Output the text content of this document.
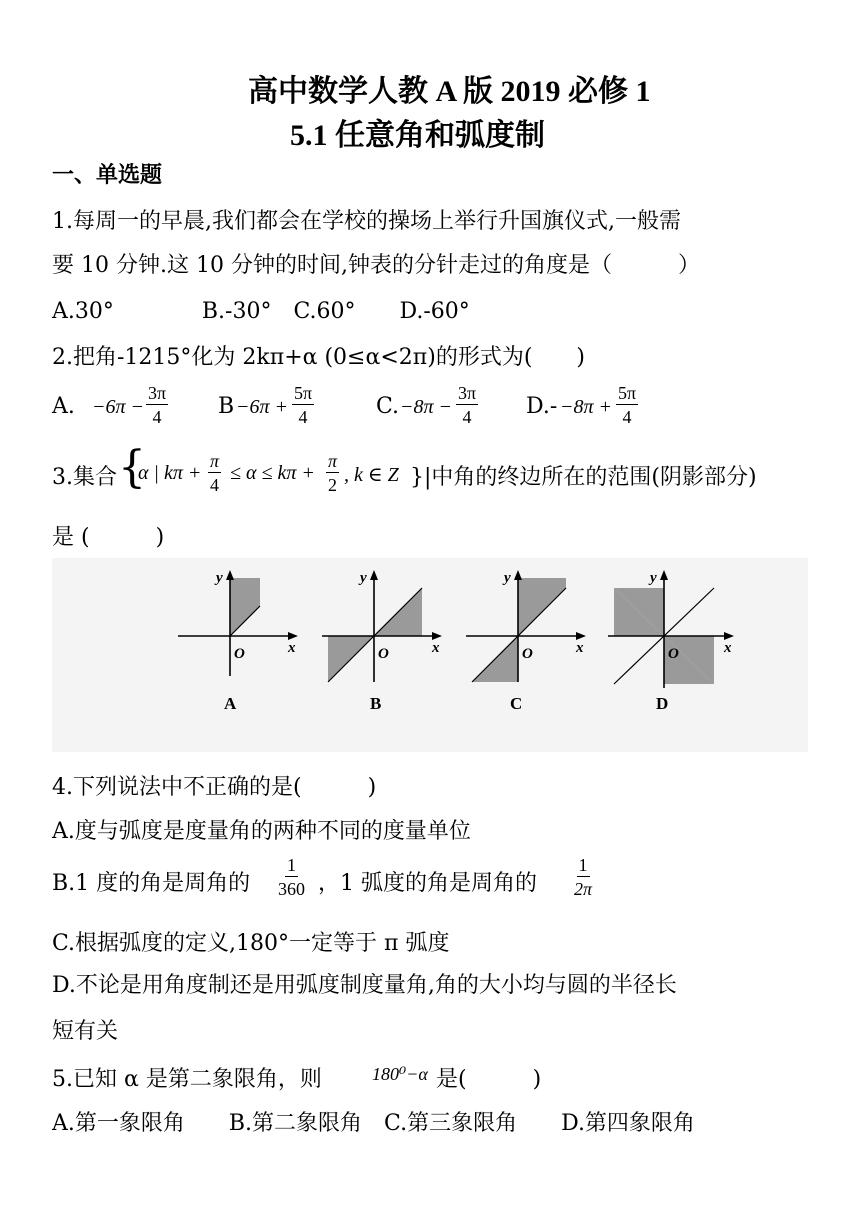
高中数学人教 A 版 2019 必修 1
5.1 任意角和弧度制
一、单选题
1.每周一的早晨,我们都会在学校的操场上举行升国旗仪式,一般需
要 10 分钟.这 10 分钟的时间,钟表的分针走过的角度是（　　　）
A.30°　　　　B.-30°　C.60°　　D.-60°
2.把角-1215°化为 2kπ+α (0≤α<2π)的形式为(　　)
A. $-6\pi - \frac{3\pi}{4}$ $B -6\pi + \frac{5\pi}{4}$	C. $-8\pi - \frac{3\pi}{4} D.- -8\pi + \frac{5\pi}{4}$
3.集合 {
α | $k\pi + \frac{\pi}{4} \le \alpha \le k\pi + \frac{\pi}{2}$ , k ∈ Z }|中角的终边所在的范围(阴影部分)
是 (　　　)
y
x
O
A
y
x
O
B
y
x
O
C
y
x
O
D
4.下列说法中不正确的是(　　　)
A.度与弧度是度量角的两种不同的度量单位
B.1 度的角是周角的 $\frac{1}{360}$ ，1 弧度的角是周角的 $\frac{1}{2\pi}$
C.根据弧度的定义,180°一定等于 π 弧度
D.不论是用角度制还是用弧度制度量角,角的大小均与圆的半径长
短有关
5.已知 α 是第二象限角，则	180⁰−α 是(　　　)
A.第一象限角　　B.第二象限角　C.第三象限角　　D.第四象限角
